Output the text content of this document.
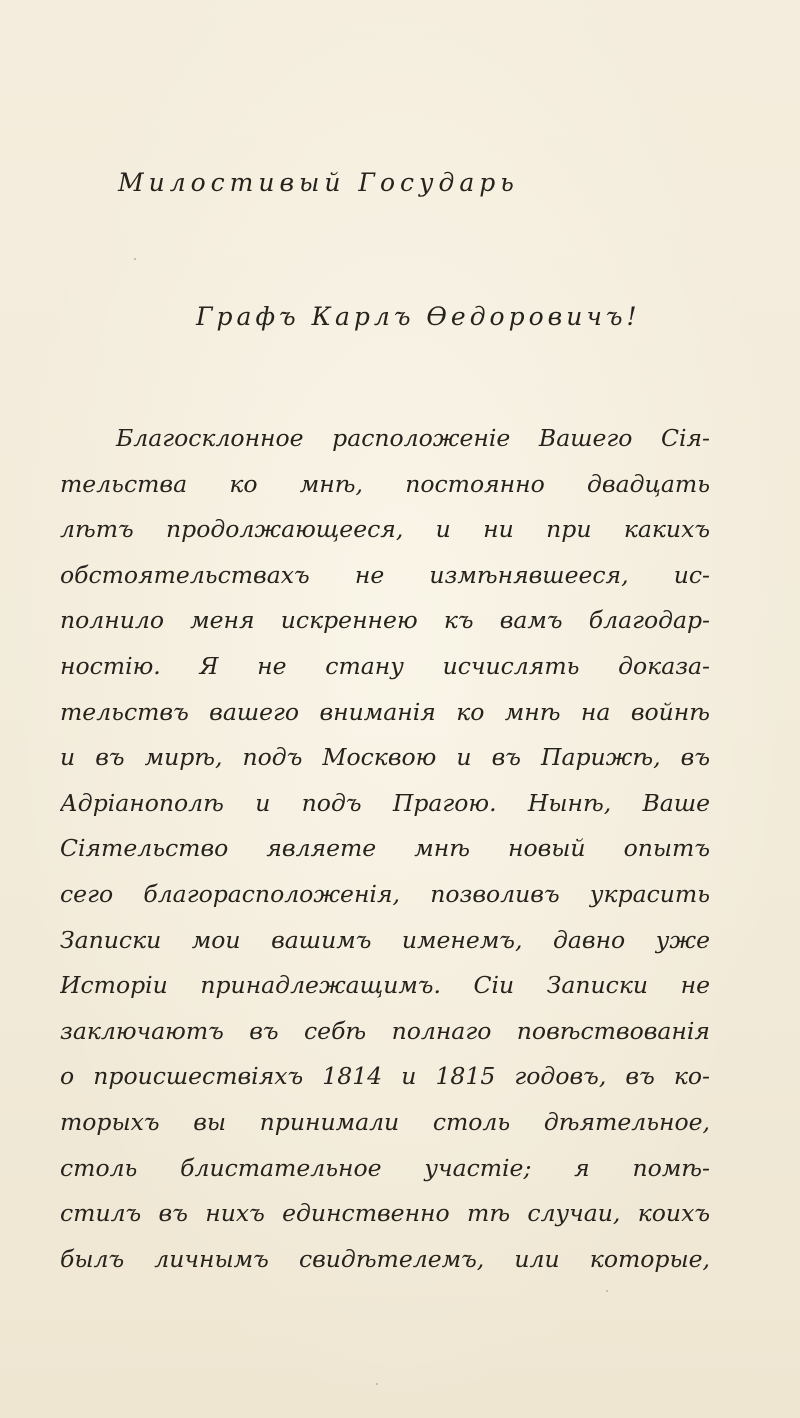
Милостивый Государь
Графъ Карлъ Өедоровичъ!
Благосклонное расположеніе Вашего Сія-
тельства ко мнѣ, постоянно двадцать
лѣтъ продолжающееся, и ни при какихъ
обстоятельствахъ не измѣнявшееся, ис-
полнило меня искреннею къ вамъ благодар-
ностію. Я не стану исчислять доказа-
тельствъ вашего вниманія ко мнѣ на войнѣ
и въ мирѣ, подъ Москвою и въ Парижѣ, въ
Адріанополѣ и подъ Прагою. Нынѣ, Ваше
Сіятельство являете мнѣ новый опытъ
сего благорасположенія, позволивъ украсить
Записки мои вашимъ именемъ, давно уже
Исторіи принадлежащимъ. Сіи Записки не
заключаютъ въ себѣ полнаго повѣствованія
о происшествіяхъ 1814 и 1815 годовъ, въ ко-
торыхъ вы принимали столь дѣятельное,
столь блистательное участіе; я помѣ-
стилъ въ нихъ единственно тѣ случаи, коихъ
былъ личнымъ свидѣтелемъ, или которые,
